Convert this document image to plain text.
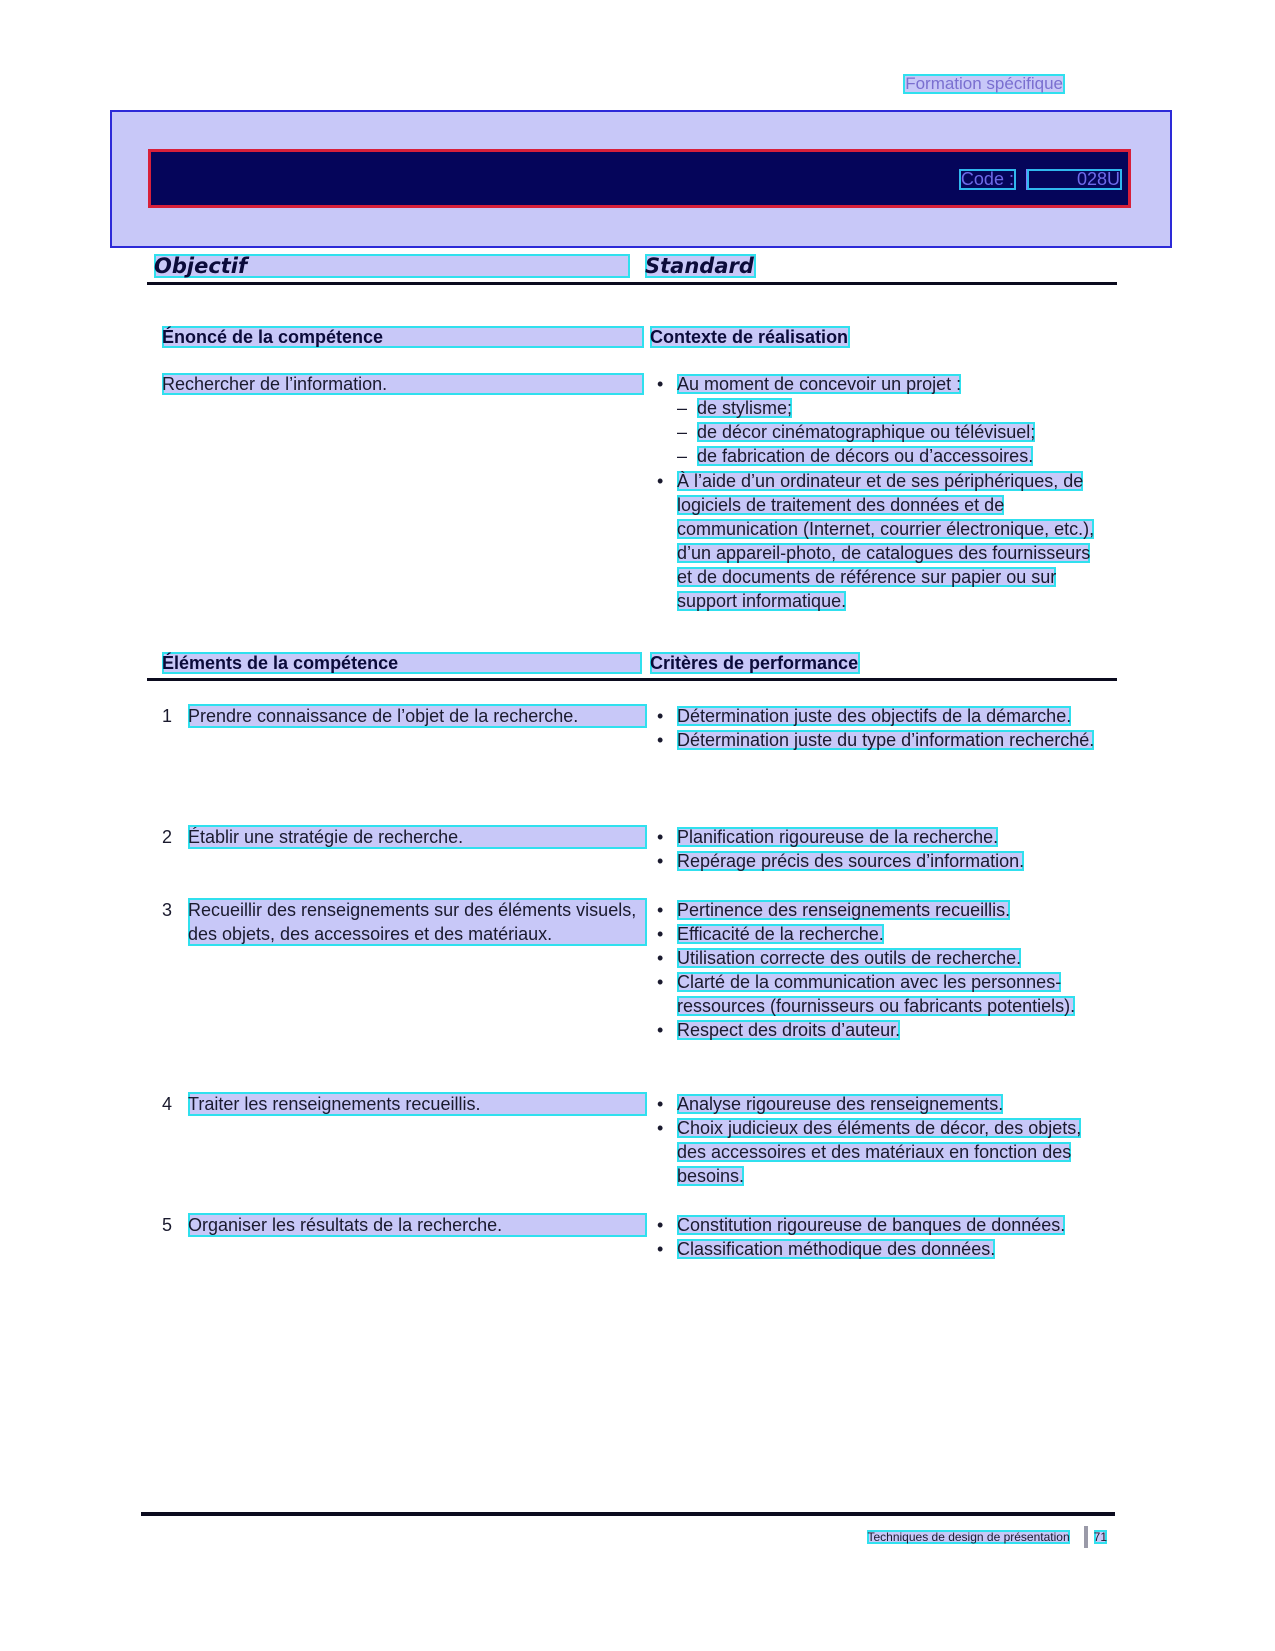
Formation spécifique
Code :	028U
Objectif	Standard
Énoncé de la compétence	Contexte de réalisation
Rechercher de l’information.	• Au moment de concevoir un projet :
– de stylisme;
– de décor cinématographique ou télévisuel;
– de fabrication de décors ou d’accessoires.
• À l’aide d’un ordinateur et de ses périphériques, de logiciels de traitement des données et de communication (Internet, courrier électronique, etc.), d’un appareil-photo, de catalogues des fournisseurs et de documents de référence sur papier ou sur support informatique.
Éléments de la compétence	Critères de performance
1 Prendre connaissance de l’objet de la recherche.	• Détermination juste des objectifs de la démarche.
• Détermination juste du type d’information recherché.
2 Établir une stratégie de recherche.	• Planification rigoureuse de la recherche.
• Repérage précis des sources d’information.
3 Recueillir des renseignements sur des éléments visuels, des objets, des accessoires et des matériaux.
• Pertinence des renseignements recueillis.
• Efficacité de la recherche.
• Utilisation correcte des outils de recherche.
• Clarté de la communication avec les personnes-ressources (fournisseurs ou fabricants potentiels).
• Respect des droits d’auteur.
4 Traiter les renseignements recueillis.	• Analyse rigoureuse des renseignements.
• Choix judicieux des éléments de décor, des objets, des accessoires et des matériaux en fonction des besoins.
5 Organiser les résultats de la recherche.	• Constitution rigoureuse de banques de données.
• Classification méthodique des données.
Techniques de design de présentation 71
